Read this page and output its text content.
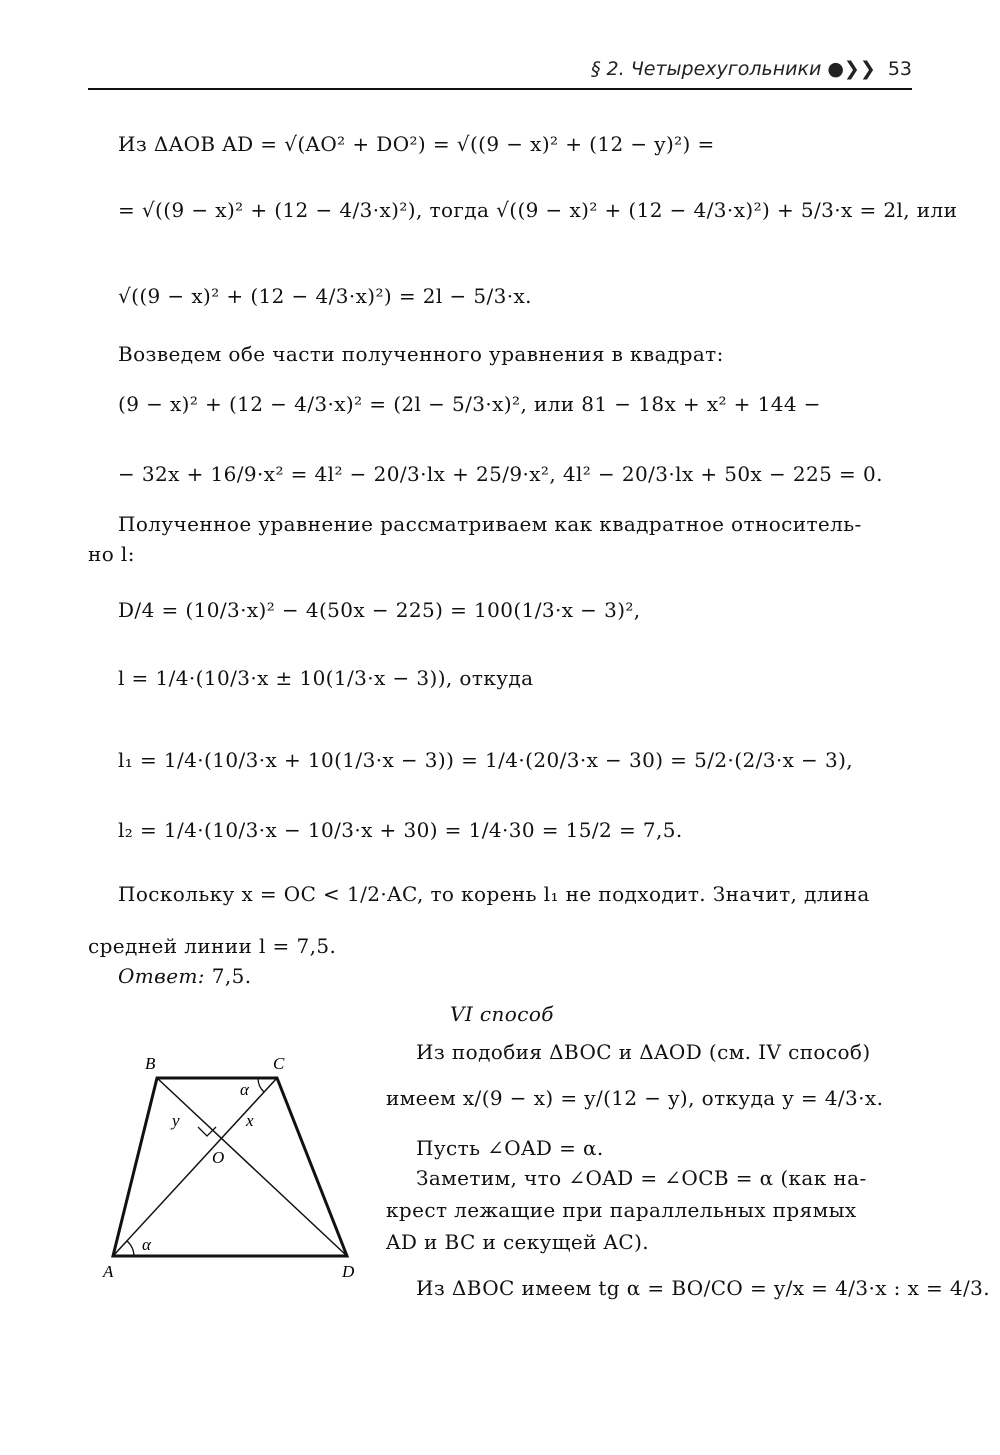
§ 2. Четырехугольники ●❯❯ 53
Из ΔAOB AD = √(AO² + DO²) = √((9 − x)² + (12 − y)²) =
= √((9 − x)² + (12 − 4/3·x)²), тогда √((9 − x)² + (12 − 4/3·x)²) + 5/3·x = 2l, или
√((9 − x)² + (12 − 4/3·x)²) = 2l − 5/3·x.
Возведем обе части полученного уравнения в квадрат:
(9 − x)² + (12 − 4/3·x)² = (2l − 5/3·x)², или 81 − 18x + x² + 144 −
− 32x + 16/9·x² = 4l² − 20/3·lx + 25/9·x², 4l² − 20/3·lx + 50x − 225 = 0.
Полученное уравнение рассматриваем как квадратное относитель-
но l:
D/4 = (10/3·x)² − 4(50x − 225) = 100(1/3·x − 3)²,
l = 1/4·(10/3·x ± 10(1/3·x − 3)), откуда
l₁ = 1/4·(10/3·x + 10(1/3·x − 3)) = 1/4·(20/3·x − 30) = 5/2·(2/3·x − 3),
l₂ = 1/4·(10/3·x − 10/3·x + 30) = 1/4·30 = 15/2 = 7,5.
Поскольку x = OC < 1/2·AC, то корень l₁ не подходит. Значит, длина
средней линии l = 7,5.
Ответ: 7,5.
VI способ
Из подобия ΔBOC и ΔAOD (см. IV способ)
имеем x/(9 − x) = y/(12 − y), откуда y = 4/3·x.
Пусть ∠OAD = α.
Заметим, что ∠OAD = ∠OCB = α (как на-
крест лежащие при параллельных прямых
AD и BC и секущей AC).
Из ΔBOC имеем tg α = BO/CO = y/x = 4/3·x : x = 4/3.
B	C
A	D
O
y	x
α
α
